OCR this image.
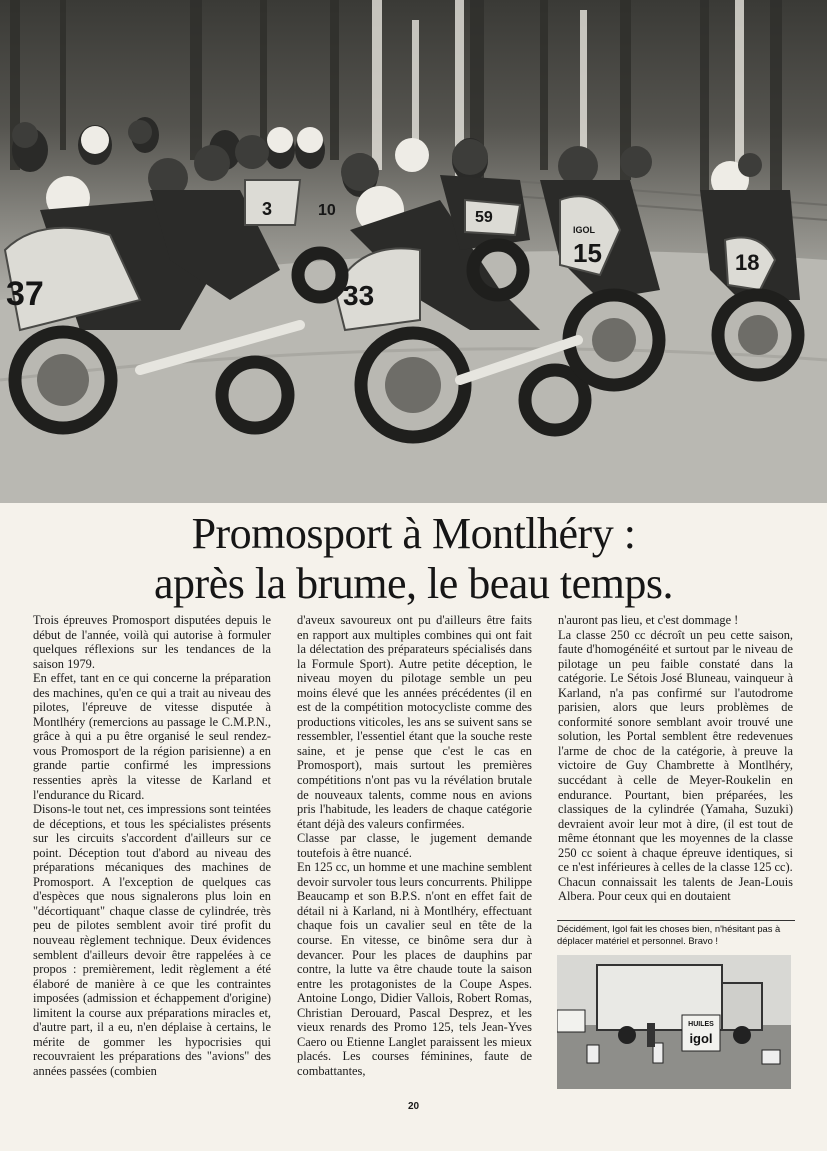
37	33
15	18
59
3	10
IGOL
Promosport à Montlhéry :
après la brume, le beau temps.

Trois épreuves Promosport disputées depuis le début de l'année, voilà qui autorise à formuler quelques réflexions sur les tendances de la saison 1979.

En effet, tant en ce qui concerne la préparation des machines, qu'en ce qui a trait au niveau des pilotes, l'épreuve de vitesse disputée à Montlhéry (remercions au passage le C.M.P.N., grâce à qui a pu être organisé le seul rendez-vous Promosport de la région parisienne) a en grande partie confirmé les impressions ressenties après la vitesse de Karland et l'endurance du Ricard.

Disons-le tout net, ces impressions sont teintées de déceptions, et tous les spécialistes présents sur les circuits s'accordent d'ailleurs sur ce point. Déception tout d'abord au niveau des préparations mécaniques des machines de Promosport. A l'exception de quelques cas d'espèces que nous signalerons plus loin en "décortiquant" chaque classe de cylindrée, très peu de pilotes semblent avoir tiré profit du nouveau règlement technique. Deux évidences semblent d'ailleurs devoir être rappelées à ce propos : premièrement, ledit règlement a été élaboré de manière à ce que les contraintes imposées (admission et échappement d'origine) limitent la course aux préparations miracles et, d'autre part, il a eu, n'en déplaise à certains, le mérite de gommer les hypocrisies qui recouvraient les préparations des "avions" des années passées (combien

d'aveux savoureux ont pu d'ailleurs être faits en rapport aux multiples combines qui ont fait la délectation des préparateurs spécialisés dans la Formule Sport). Autre petite déception, le niveau moyen du pilotage semble un peu moins élevé que les années précédentes (il en est de la compétition motocycliste comme des productions viticoles, les ans se suivent sans se ressembler, l'essentiel étant que la souche reste saine, et je pense que c'est le cas en Promosport), mais surtout les premières compétitions n'ont pas vu la révélation brutale de nouveaux talents, comme nous en avions pris l'habitude, les leaders de chaque catégorie étant déjà des valeurs confirmées.

Classe par classe, le jugement demande toutefois à être nuancé.

En 125 cc, un homme et une machine semblent devoir survoler tous leurs concurrents. Philippe Beaucamp et son B.P.S. n'ont en effet fait de détail ni à Karland, ni à Montlhéry, effectuant chaque fois un cavalier seul en tête de la course. En vitesse, ce binôme sera dur à devancer. Pour les places de dauphins par contre, la lutte va être chaude toute la saison entre les protagonistes de la Coupe Aspes. Antoine Longo, Didier Vallois, Robert Romas, Christian Derouard, Pascal Desprez, et les vieux renards des Promo 125, tels Jean-Yves Caero ou Etienne Langlet paraissent les mieux placés. Les courses féminines, faute de combattantes,

n'auront pas lieu, et c'est dommage !

La classe 250 cc décroît un peu cette saison, faute d'homogénéité et surtout par le niveau de pilotage un peu faible constaté dans la catégorie. Le Sétois José Bluneau, vainqueur à Karland, n'a pas confirmé sur l'autodrome parisien, alors que leurs problèmes de conformité sonore semblant avoir trouvé une solution, les Portal semblent être redevenues l'arme de choc de la catégorie, à preuve la victoire de Guy Chambrette à Montlhéry, succédant à celle de Meyer-Roukelin en endurance. Pourtant, bien préparées, les classiques de la cylindrée (Yamaha, Suzuki) devraient avoir leur mot à dire, (il est tout de même étonnant que les moyennes de la classe 250 cc soient à chaque épreuve identiques, si ce n'est inférieures à celles de la classe 125 cc).

Chacun connaissait les talents de Jean-Louis Albera. Pour ceux qui en doutaient

Décidément, Igol fait les choses bien, n'hésitant pas à déplacer matériel et personnel. Bravo !
HUILES
igol
20
